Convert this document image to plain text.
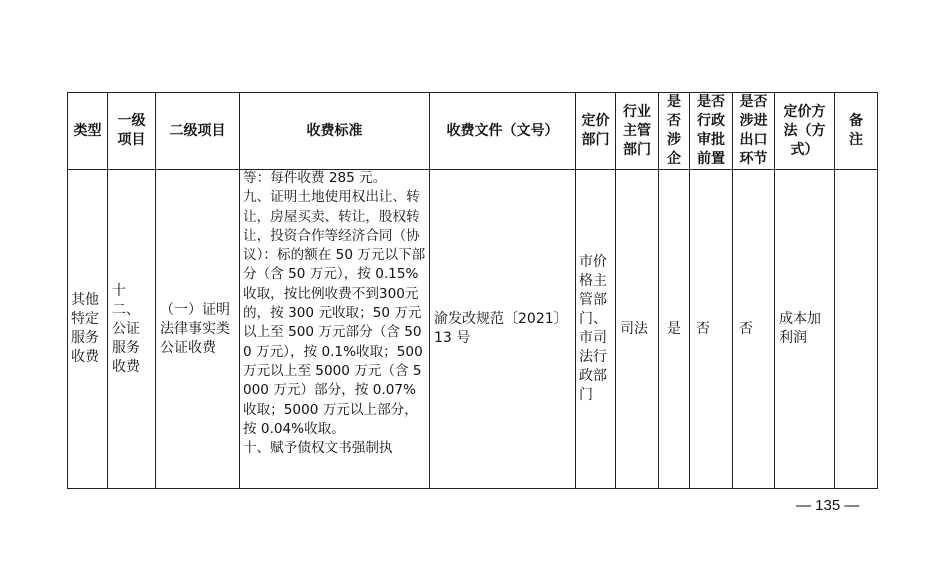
类型	一级项目	二级项目	收费标准	收费文件（文号）	定价部门	行业主管部门	是否涉企	是否行政审批前置	是否涉进出口环节	定价方法（方式）	备注

其他特定服务收费	十二、公证服务收费	（一）证明法律事实类公证收费	等：每件收费 285 元。
九、证明土地使用权出让、转让，房屋买卖、转让，股权转让，投资合作等经济合同（协议）：标的额在 50 万元以下部分（含 50 万元），按 0.15%收取，按比例收费不到300元的，按 300 元收取；50 万元以上至 500 万元部分（含 500 万元），按 0.1%收取；500 万元以上至 5000 万元（含 5000 万元）部分，按 0.07%收取；5000 万元以上部分，按 0.04%收取。
十、赋予债权文书强制执	渝发改规范〔2021〕13 号	市价格主管部门、市司法行政部门	司法	是	否	否	成本加利润	

— 135 —
